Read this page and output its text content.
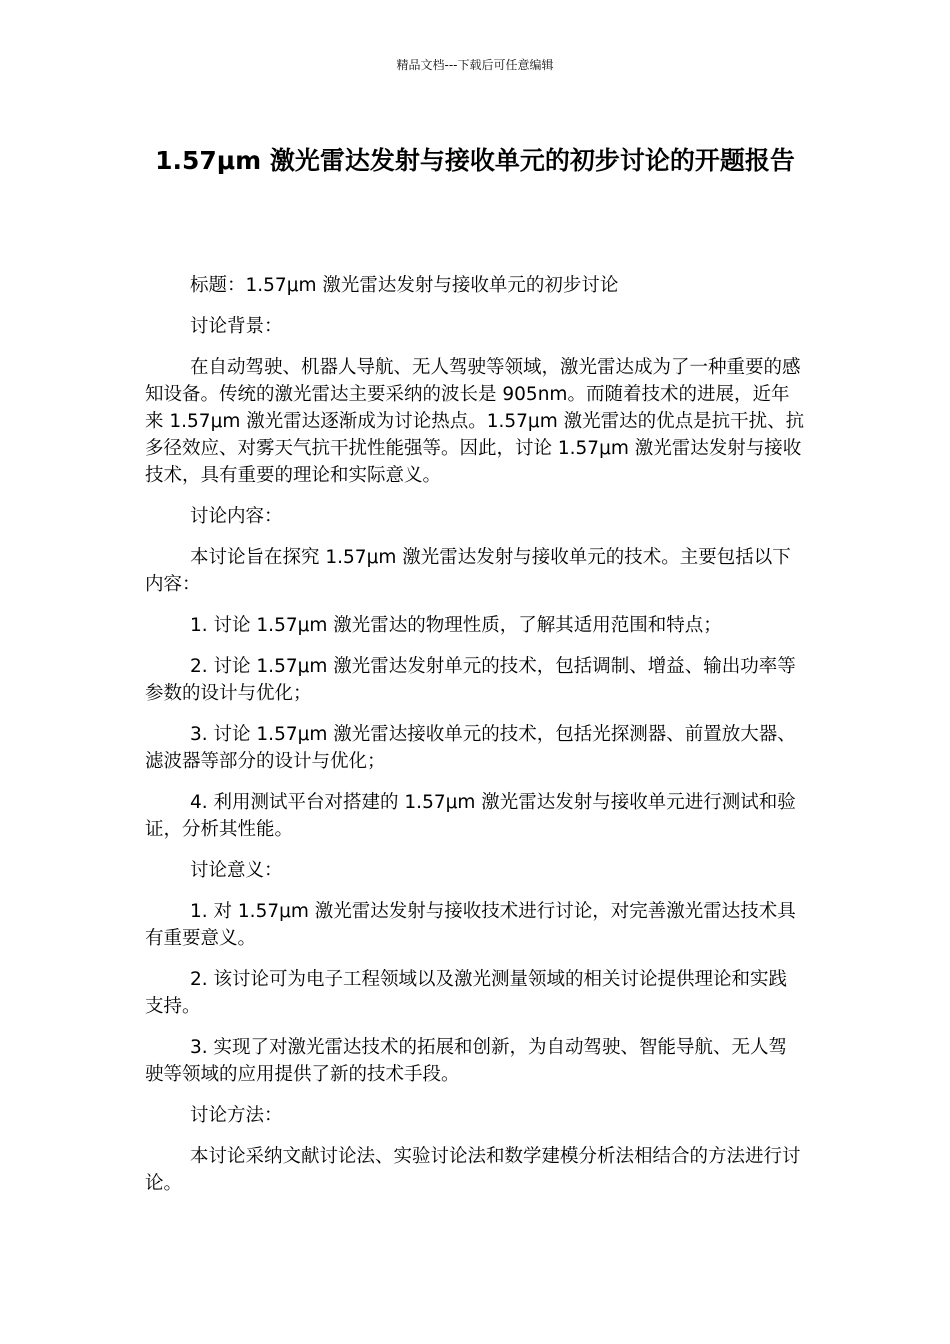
精品文档---下载后可任意编辑
1.57μm 激光雷达发射与接收单元的初步讨论的开题报告

标题：1.57μm 激光雷达发射与接收单元的初步讨论

讨论背景：

在自动驾驶、机器人导航、无人驾驶等领域，激光雷达成为了一种重要的感知设备。传统的激光雷达主要采纳的波长是 905nm。而随着技术的进展，近年来 1.57μm 激光雷达逐渐成为讨论热点。1.57μm 激光雷达的优点是抗干扰、抗多径效应、对雾天气抗干扰性能强等。因此，讨论 1.57μm 激光雷达发射与接收技术，具有重要的理论和实际意义。

讨论内容：

本讨论旨在探究 1.57μm 激光雷达发射与接收单元的技术。主要包括以下内容：

1. 讨论 1.57μm 激光雷达的物理性质，了解其适用范围和特点；

2. 讨论 1.57μm 激光雷达发射单元的技术，包括调制、增益、输出功率等参数的设计与优化；

3. 讨论 1.57μm 激光雷达接收单元的技术，包括光探测器、前置放大器、滤波器等部分的设计与优化；

4. 利用测试平台对搭建的 1.57μm 激光雷达发射与接收单元进行测试和验证，分析其性能。

讨论意义：

1. 对 1.57μm 激光雷达发射与接收技术进行讨论，对完善激光雷达技术具有重要意义。

2. 该讨论可为电子工程领域以及激光测量领域的相关讨论提供理论和实践支持。

3. 实现了对激光雷达技术的拓展和创新，为自动驾驶、智能导航、无人驾驶等领域的应用提供了新的技术手段。

讨论方法：

本讨论采纳文献讨论法、实验讨论法和数学建模分析法相结合的方法进行讨论。
